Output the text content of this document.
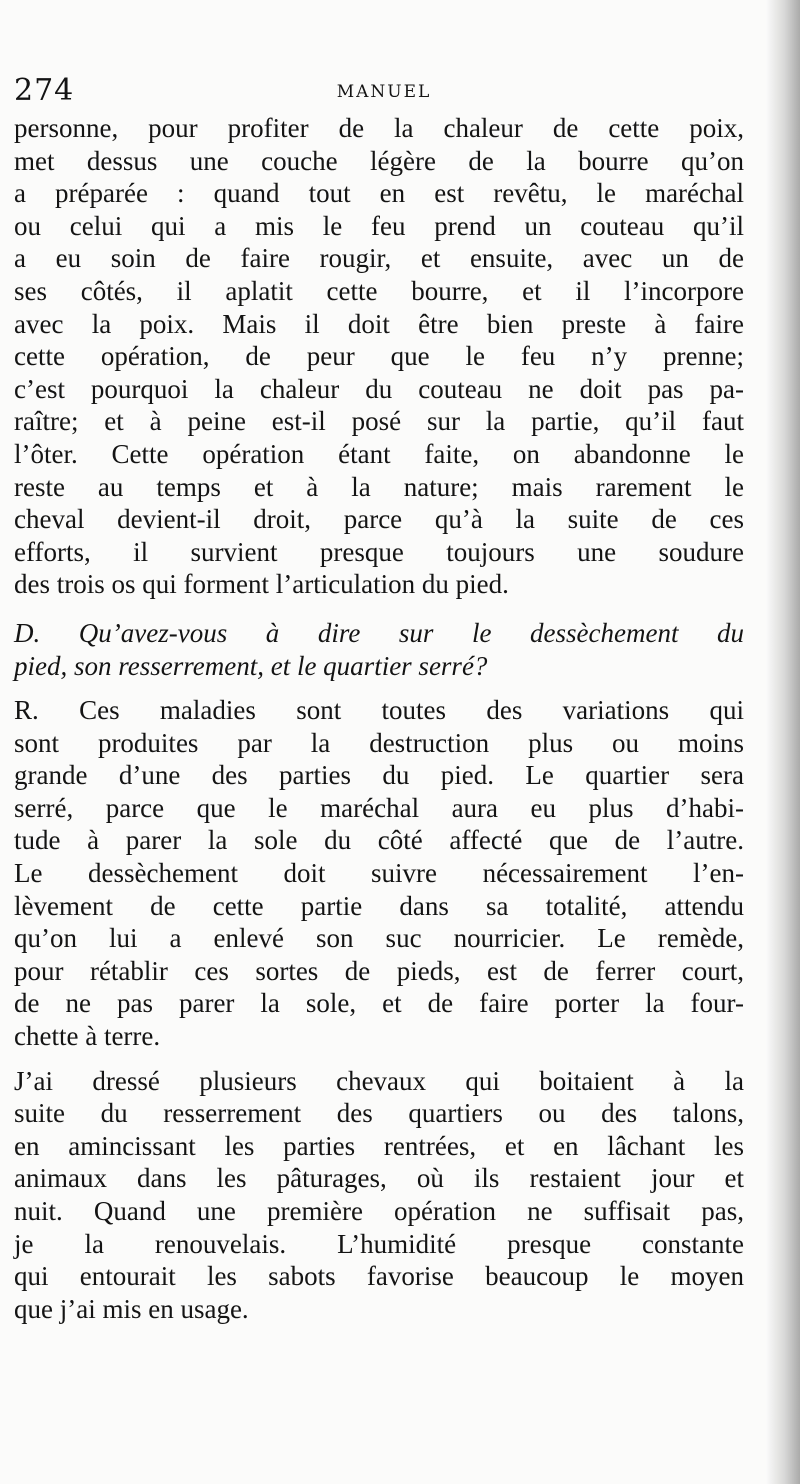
274	MANUEL
personne, pour profiter de la chaleur de cette poix,
met dessus une couche légère de la bourre qu’on
a préparée : quand tout en est revêtu, le maréchal
ou celui qui a mis le feu prend un couteau qu’il
a eu soin de faire rougir, et ensuite, avec un de
ses côtés, il aplatit cette bourre, et il l’incorpore
avec la poix. Mais il doit être bien preste à faire
cette opération, de peur que le feu n’y prenne;
c’est pourquoi la chaleur du couteau ne doit pas pa-
raître; et à peine est-il posé sur la partie, qu’il faut
l’ôter. Cette opération étant faite, on abandonne le
reste au temps et à la nature; mais rarement le
cheval devient-il droit, parce qu’à la suite de ces
efforts, il survient presque toujours une soudure
des trois os qui forment l’articulation du pied.
D. Qu’avez-vous à dire sur le dessèchement du
pied, son resserrement, et le quartier serré?
R. Ces maladies sont toutes des variations qui
sont produites par la destruction plus ou moins
grande d’une des parties du pied. Le quartier sera
serré, parce que le maréchal aura eu plus d’habi-
tude à parer la sole du côté affecté que de l’autre.
Le dessèchement doit suivre nécessairement l’en-
lèvement de cette partie dans sa totalité, attendu
qu’on lui a enlevé son suc nourricier. Le remède,
pour rétablir ces sortes de pieds, est de ferrer court,
de ne pas parer la sole, et de faire porter la four-
chette à terre.
J’ai dressé plusieurs chevaux qui boitaient à la
suite du resserrement des quartiers ou des talons,
en amincissant les parties rentrées, et en lâchant les
animaux dans les pâturages, où ils restaient jour et
nuit. Quand une première opération ne suffisait pas,
je la renouvelais. L’humidité presque constante
qui entourait les sabots favorise beaucoup le moyen
que j’ai mis en usage.
